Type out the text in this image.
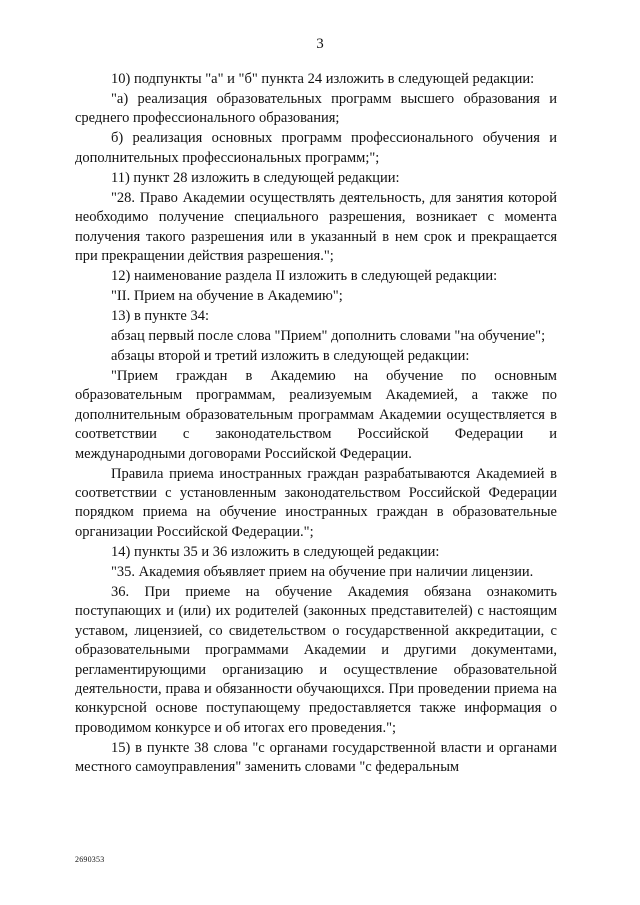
3

10) подпункты "а" и "б" пункта 24 изложить в следующей редакции:

"а) реализация образовательных программ высшего образования и среднего профессионального образования;

б) реализация основных программ профессионального обучения и дополнительных профессиональных программ;";

11) пункт 28 изложить в следующей редакции:

"28. Право Академии осуществлять деятельность, для занятия которой необходимо получение специального разрешения, возникает с момента получения такого разрешения или в указанный в нем срок и прекращается при прекращении действия разрешения.";

12) наименование раздела II изложить в следующей редакции:

"II. Прием на обучение в Академию";

13) в пункте 34:

абзац первый после слова "Прием" дополнить словами "на обучение";

абзацы второй и третий изложить в следующей редакции:

"Прием граждан в Академию на обучение по основным образовательным программам, реализуемым Академией, а также по дополнительным образовательным программам Академии осуществляется в соответствии с законодательством Российской Федерации и международными договорами Российской Федерации.

Правила приема иностранных граждан разрабатываются Академией в соответствии с установленным законодательством Российской Федерации порядком приема на обучение иностранных граждан в образовательные организации Российской Федерации.";

14) пункты 35 и 36 изложить в следующей редакции:

"35. Академия объявляет прием на обучение при наличии лицензии.

36. При приеме на обучение Академия обязана ознакомить поступающих и (или) их родителей (законных представителей) с настоящим уставом, лицензией, со свидетельством о государственной аккредитации, с образовательными программами Академии и другими документами, регламентирующими организацию и осуществление образовательной деятельности, права и обязанности обучающихся. При проведении приема на конкурсной основе поступающему предоставляется также информация о проводимом конкурсе и об итогах его проведения.";

15) в пункте 38 слова "с органами государственной власти и органами местного самоуправления" заменить словами "с федеральным

2690353
